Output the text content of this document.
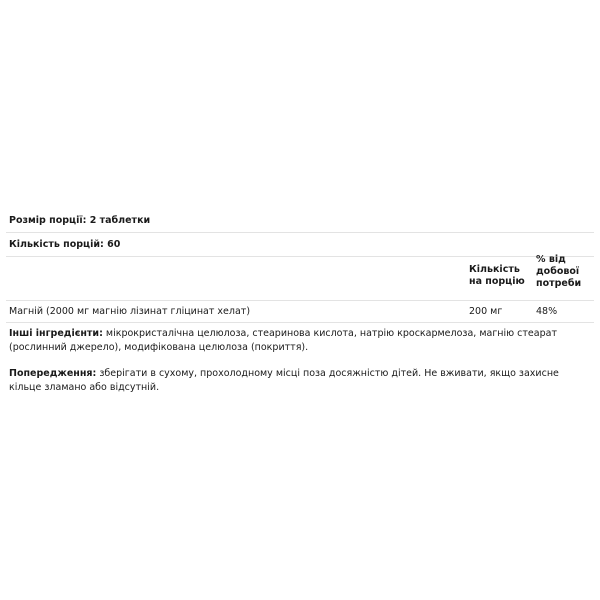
Розмір порції: 2 таблетки
Кількість порцій: 60
Магній (2000 мг магнію лізинат гліцинат хелат)	200 мг	48%
Інші інгредієнти: мікрокристалічна целюлоза, стеаринова кислота, натрію кроскармелоза, магнію стеарат (рослинний джерело), модифікована целюлоза (покриття).
Попередження: зберігати в сухому, прохолодному місці поза досяжністю дітей. Не вживати, якщо захисне кільце зламано або відсутній.
Кількість на порцію
% від добової потреби
